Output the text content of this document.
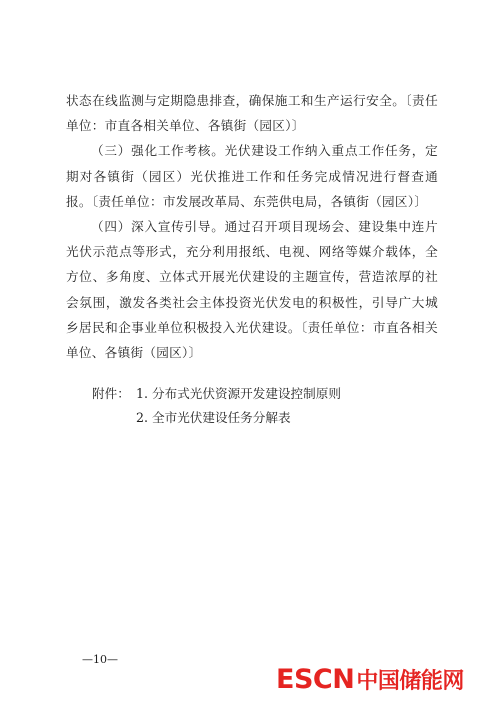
状态在线监测与定期隐患排查，确保施工和生产运行安全。〔责任单位：市直各相关单位、各镇街（园区）〕

（三）强化工作考核。光伏建设工作纳入重点工作任务，定期对各镇街（园区）光伏推进工作和任务完成情况进行督查通报。〔责任单位：市发展改革局、东莞供电局，各镇街（园区）〕

（四）深入宣传引导。通过召开项目现场会、建设集中连片光伏示范点等形式，充分利用报纸、电视、网络等媒介载体，全方位、多角度、立体式开展光伏建设的主题宣传，营造浓厚的社会氛围，激发各类社会主体投资光伏发电的积极性，引导广大城乡居民和企事业单位积极投入光伏建设。〔责任单位：市直各相关单位、各镇街（园区）〕

附件： 1. 分布式光伏资源开发建设控制原则
2. 全市光伏建设任务分解表
—10—
ESCN 中国储能网
